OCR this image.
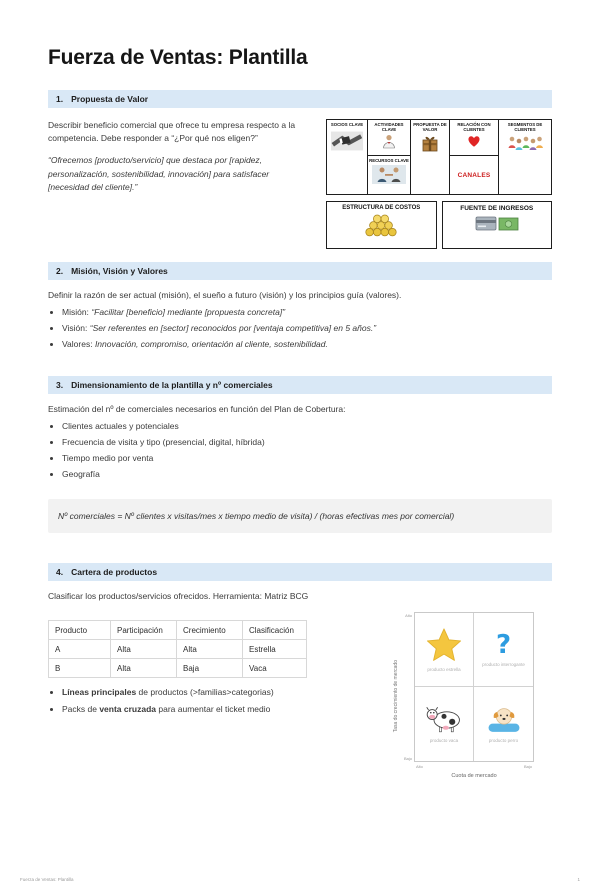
Fuerza de Ventas: Plantilla
1. Propuesta de Valor

Describir beneficio comercial que ofrece tu empresa respecto a la competencia. Debe responder a “¿Por qué nos eligen?”

“Ofrecemos [producto/servicio] que destaca por [rapidez, personalización, sostenibilidad, innovación] para satisfacer [necesidad del cliente].”

SOCIOS CLAVE	ACTIVIDADES CLAVE
RECURSOS CLAVE
PROPUESTA DE VALOR
RELACIÓN CON CLIENTES
CANALES
SEGMENTOS DE CLIENTES
ESTRUCTURA DE COSTOS	FUENTE DE INGRESOS
2. Misión, Visión y Valores

Definir la razón de ser actual (misión), el sueño a futuro (visión) y los principios guía (valores).

• Misión: “Facilitar [beneficio] mediante [propuesta concreta]”
• Visión: “Ser referentes en [sector] reconocidos por [ventaja competitiva] en 5 años.”
• Valores: Innovación, compromiso, orientación al cliente, sostenibilidad.
3. Dimensionamiento de la plantilla y nº comerciales

Estimación del nº de comerciales necesarios en función del Plan de Cobertura:

• Clientes actuales y potenciales
• Frecuencia de visita y tipo (presencial, digital, híbrida)
• Tiempo medio por venta
• Geografía
Nº comerciales = Nº clientes x visitas/mes x tiempo medio de visita) / (horas efectivas mes por comercial)
4. Cartera de productos

Clasificar los productos/servicios ofrecidos. Herramienta: Matriz BCG

Producto	Participación	Crecimiento	Clasificación
A	Alta	Alta	Estrella
B	Alta	Baja	Vaca
• Líneas principales de productos (>familias>categorias)
• Packs de venta cruzada para aumentar el ticket medio	Tasa do crecimiento de mercado
Alto
Bajo
producto estrella
?
producto interrogante
producto vaca	producto perro
Alto	Bajo
Cuota de mercado
Fuerza de Ventas: Plantilla	1
